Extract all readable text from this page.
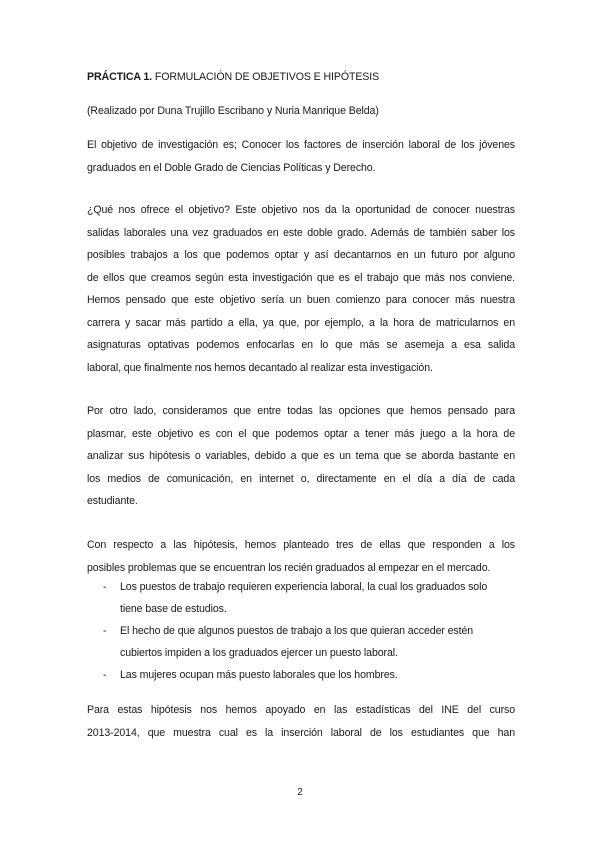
PRÁCTICA 1. FORMULACIÓN DE OBJETIVOS E HIPÓTESIS

(Realizado por Duna Trujillo Escribano y Nuria Manrique Belda)

El objetivo de investigación es; Conocer los factores de inserción laboral de los jóvenes
graduados en el Doble Grado de Ciencias Políticas y Derecho.

¿Qué nos ofrece el objetivo? Este objetivo nos da la oportunidad de conocer nuestras
salidas laborales una vez graduados en este doble grado. Además de también saber los
posibles trabajos a los que podemos optar y así decantarnos en un futuro por alguno
de ellos que creamos según esta investigación que es el trabajo que más nos conviene.
Hemos pensado que este objetivo sería un buen comienzo para conocer más nuestra
carrera y sacar más partido a ella, ya que, por ejemplo, a la hora de matricularnos en
asignaturas optativas podemos enfocarlas en lo que más se asemeja a esa salida
laboral, que finalmente nos hemos decantado al realizar esta investigación.

Por otro lado, consideramos que entre todas las opciones que hemos pensado para
plasmar, este objetivo es con el que podemos optar a tener más juego a la hora de
analizar sus hipótesis o variables, debido a que es un tema que se aborda bastante en
los medios de comunicación, en internet o, directamente en el día a día de cada
estudiante.

Con respecto a las hipótesis, hemos planteado tres de ellas que responden a los
posibles problemas que se encuentran los recién graduados al empezar en el mercado.

- Los puestos de trabajo requieren experiencia laboral, la cual los graduados solo
tiene base de estudios.
- El hecho de que algunos puestos de trabajo a los que quieran acceder estén
cubiertos impiden a los graduados ejercer un puesto laboral.
- Las mujeres ocupan más puesto laborales que los hombres.

Para estas hipótesis nos hemos apoyado en las estadísticas del INE del curso
2013-2014, que muestra cual es la inserción laboral de los estudiantes que han

2
